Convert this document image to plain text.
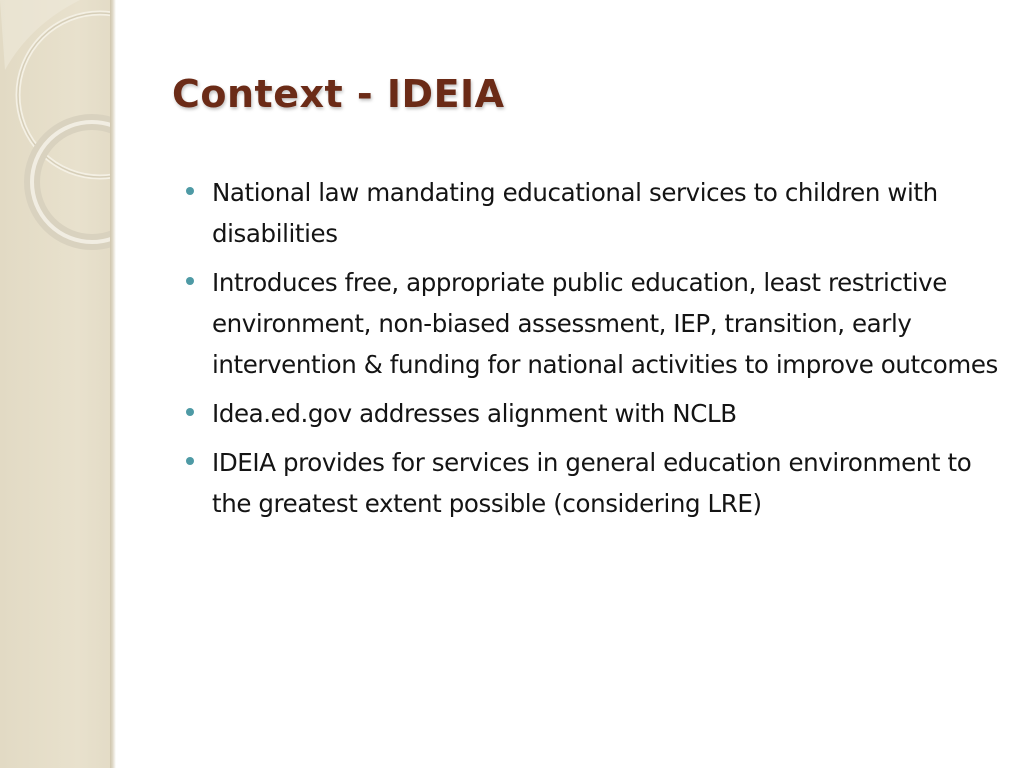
Context - IDEIA
National law mandating educational services to children with disabilities
Introduces free, appropriate public education, least restrictive environment, non-biased assessment, IEP, transition, early intervention & funding for national activities to improve outcomes
Idea.ed.gov addresses alignment with NCLB
IDEIA provides for services in general education environment to the greatest extent possible (considering LRE)
